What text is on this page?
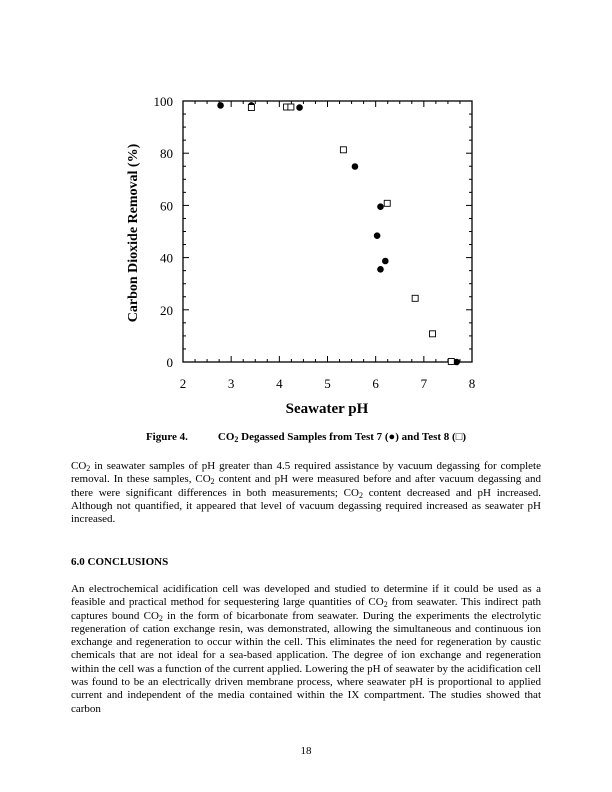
2	3	4	5	6	7	8
0
20
40
60
80
100
Seawater pH
Carbon Dioxide Removal (%)
Figure 4.	$CO_2$ Degassed Samples from Test 7 (●) and Test 8 (□)

$CO_2$ in seawater samples of pH greater than 4.5 required assistance by vacuum degassing for complete removal. In these samples, $CO_2$ content and pH were measured before and after vacuum degassing and there were significant differences in both measurements; $CO_2$ content decreased and pH increased. Although not quantified, it appeared that level of vacuum degassing required increased as seawater pH increased.

6.0 CONCLUSIONS

An electrochemical acidification cell was developed and studied to determine if it could be used as a feasible and practical method for sequestering large quantities of $CO_2$ from seawater. This indirect path captures bound $CO_2$ in the form of bicarbonate from seawater. During the experiments the electrolytic regeneration of cation exchange resin, was demonstrated, allowing the simultaneous and continuous ion exchange and regeneration to occur within the cell. This eliminates the need for regeneration by caustic chemicals that are not ideal for a sea-based application. The degree of ion exchange and regeneration within the cell was a function of the current applied. Lowering the pH of seawater by the acidification cell was found to be an electrically driven membrane process, where seawater pH is proportional to applied current and independent of the media contained within the IX compartment. The studies showed that carbon

18
